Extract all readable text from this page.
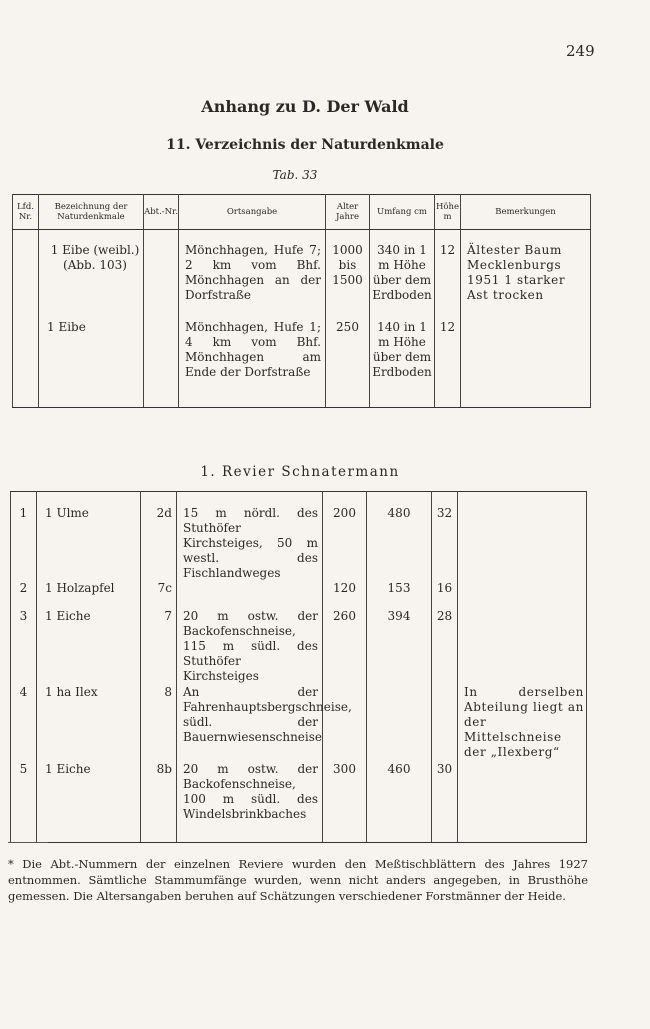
249
Anhang zu D. Der Wald
11. Verzeichnis der Naturdenkmale
Tab. 33
Lfd. Nr.	Bezeichnung der Naturdenkmale	Abt.-Nr.	Ortsangabe	Alter Jahre	Umfang cm	Höhe m	Bemerkungen
	1 Eibe (weibl.) (Abb. 103)		Mönchhagen, Hufe 7; 2 km vom Bhf. Mönchhagen an der Dorfstraße	1000 bis 1500	340 in 1 m Höhe über dem Erdboden	12	Ältester Baum Mecklenburgs 1951 1 starker Ast trocken
	1 Eibe		Mönchhagen, Hufe 1; 4 km vom Bhf. Mönchhagen am Ende der Dorfstraße	250	140 in 1 m Höhe über dem Erdboden	12	
1. Revier Schnatermann
1	1 Ulme	2d	15 m nördl. des Stuthöfer Kirchsteiges, 50 m westl. des Fischlandweges	200	480	32	
2	1 Holzapfel	7c		120	153	16	
3	1 Eiche	7	20 m ostw. der Backofenschneise, 115 m südl. des Stuthöfer Kirchsteiges	260	394	28	
4	1 ha Ilex	8	An der Fahrenhauptsbergschneise, südl. der Bauernwiesenschneise				In derselben Abteilung liegt an der Mittelschneise der „Ilexberg“
5	1 Eiche	8b	20 m ostw. der Backofenschneise, 100 m südl. des Windelsbrinkbaches	300	460	30	
* Die Abt.-Nummern der einzelnen Reviere wurden den Meßtischblättern des Jahres 1927 entnommen. Sämtliche Stammumfänge wurden, wenn nicht anders angegeben, in Brusthöhe gemessen. Die Altersangaben beruhen auf Schätzungen verschiedener Forstmänner der Heide.
